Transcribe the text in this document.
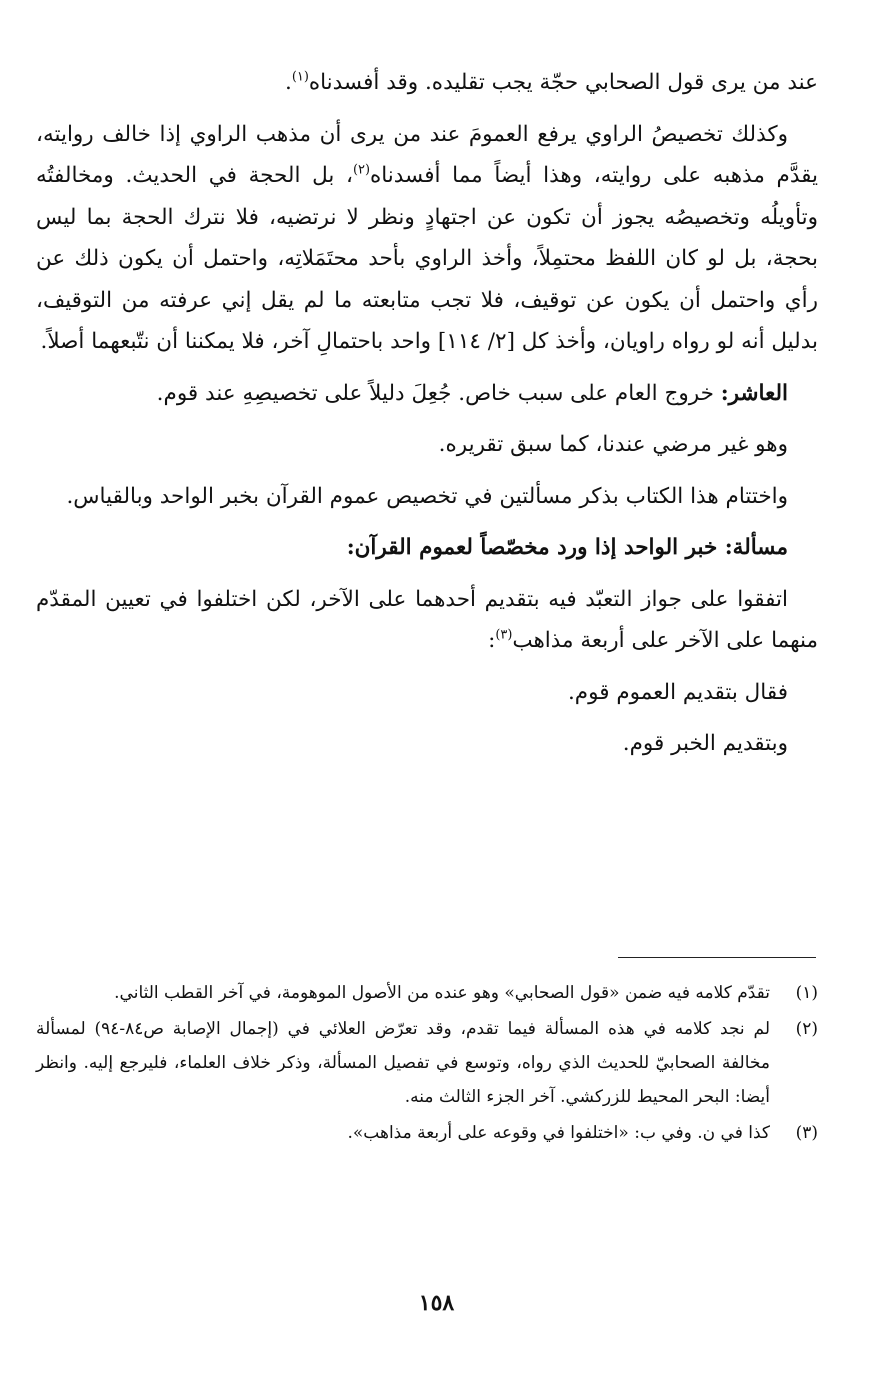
عند من يرى قول الصحابي حجّة يجب تقليده. وقد أفسدناه$^{(١)}$.

وكذلك تخصيصُ الراوي يرفع العمومَ عند من يرى أن مذهب الراوي إذا خالف روايته، يقدَّم مذهبه على روايته، وهذا أيضاً مما أفسدناه$^{(٢)}$، بل الحجة في الحديث. ومخالفتُه وتأويلُه وتخصيصُه يجوز أن تكون عن اجتهادٍ ونظر لا نرتضيه، فلا نترك الحجة بما ليس بحجة، بل لو كان اللفظ محتمِلاً، وأخذ الراوي بأحد محتَمَلاتِه، واحتمل أن يكون ذلك عن رأي واحتمل أن يكون عن توقيف، فلا تجب متابعته ما لم يقل إني عرفته من التوقيف، بدليل أنه لو رواه راويان، وأخذ كل [٢/ ١١٤] واحد باحتمالِ آخر، فلا يمكننا أن نتّبعهما أصلاً.

العاشر: خروج العام على سبب خاص. جُعِلَ دليلاً على تخصيصِهِ عند قوم.

وهو غير مرضي عندنا، كما سبق تقريره.

واختتام هذا الكتاب بذكر مسألتين في تخصيص عموم القرآن بخبر الواحد وبالقياس.

مسألة: خبر الواحد إذا ورد مخصّصاً لعموم القرآن:

اتفقوا على جواز التعبّد فيه بتقديم أحدهما على الآخر، لكن اختلفوا في تعيين المقدّم منهما على الآخر على أربعة مذاهب$^{(٣)}$:

فقال بتقديم العموم قوم.

وبتقديم الخبر قوم.

(١)
تقدّم كلامه فيه ضمن «قول الصحابي» وهو عنده من الأصول الموهومة، في آخر القطب الثاني.
(٢)
لم نجد كلامه في هذه المسألة فيما تقدم، وقد تعرّض العلائي في (إجمال الإصابة ص٨٤-٩٤) لمسألة مخالفة الصحابيّ للحديث الذي رواه، وتوسع في تفصيل المسألة، وذكر خلاف العلماء، فليرجع إليه. وانظر أيضا: البحر المحيط للزركشي. آخر الجزء الثالث منه.
(٣)
كذا في ن. وفي ب: «اختلفوا في وقوعه على أربعة مذاهب».
١٥٨
